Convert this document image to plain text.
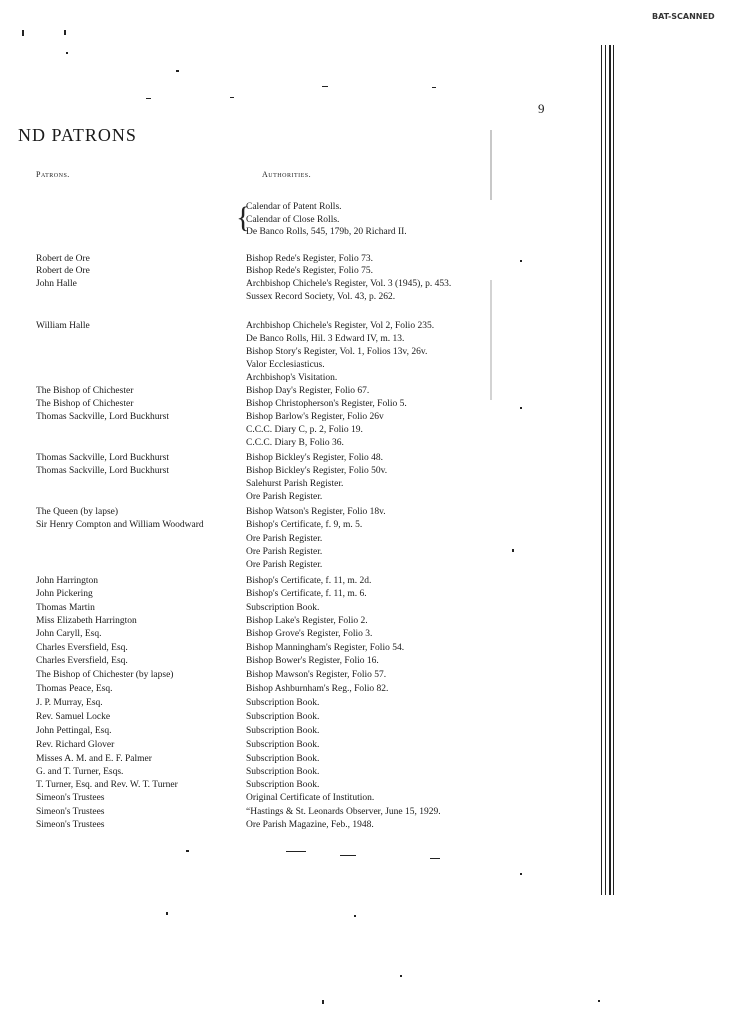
BAT-SCANNED
9
ND PATRONS
Patrons.	Authorities.
{
Calendar of Patent Rolls.
Calendar of Close Rolls.
De Banco Rolls, 545, 179b, 20 Richard II.
Robert de Ore	Bishop Rede's Register, Folio 73.
Robert de Ore	Bishop Rede's Register, Folio 75.
John Halle	Archbishop Chichele's Register, Vol. 3 (1945), p. 453.
Sussex Record Society, Vol. 43, p. 262.
William Halle	Archbishop Chichele's Register, Vol 2, Folio 235.
De Banco Rolls, Hil. 3 Edward IV, m. 13.
Bishop Story's Register, Vol. 1, Folios 13v, 26v.
Valor Ecclesiasticus.
Archbishop's Visitation.
The Bishop of Chichester	Bishop Day's Register, Folio 67.
The Bishop of Chichester	Bishop Christopherson's Register, Folio 5.
Thomas Sackville, Lord Buckhurst	Bishop Barlow's Register, Folio 26v
C.C.C. Diary C, p. 2, Folio 19.
C.C.C. Diary B, Folio 36.
Thomas Sackville, Lord Buckhurst	Bishop Bickley's Register, Folio 48.
Thomas Sackville, Lord Buckhurst	Bishop Bickley's Register, Folio 50v.
Salehurst Parish Register.
Ore Parish Register.
The Queen (by lapse)	Bishop Watson's Register, Folio 18v.
Sir Henry Compton and William Woodward	Bishop's Certificate, f. 9, m. 5.
Ore Parish Register.
Ore Parish Register.
Ore Parish Register.
John Harrington	Bishop's Certificate, f. 11, m. 2d.
John Pickering	Bishop's Certificate, f. 11, m. 6.
Thomas Martin	Subscription Book.
Miss Elizabeth Harrington	Bishop Lake's Register, Folio 2.
John Caryll, Esq.	Bishop Grove's Register, Folio 3.
Charles Eversfield, Esq.	Bishop Manningham's Register, Folio 54.
Charles Eversfield, Esq.	Bishop Bower's Register, Folio 16.
The Bishop of Chichester (by lapse)	Bishop Mawson's Register, Folio 57.
Thomas Peace, Esq.	Bishop Ashburnham's Reg., Folio 82.
J. P. Murray, Esq.	Subscription Book.
Rev. Samuel Locke	Subscription Book.
John Pettingal, Esq.	Subscription Book.
Rev. Richard Glover	Subscription Book.
Misses A. M. and E. F. Palmer	Subscription Book.
G. and T. Turner, Esqs.	Subscription Book.
T. Turner, Esq. and Rev. W. T. Turner	Subscription Book.
Simeon's Trustees	Original Certificate of Institution.
Simeon's Trustees	“Hastings & St. Leonards Observer, June 15, 1929.
Simeon's Trustees	Ore Parish Magazine, Feb., 1948.
